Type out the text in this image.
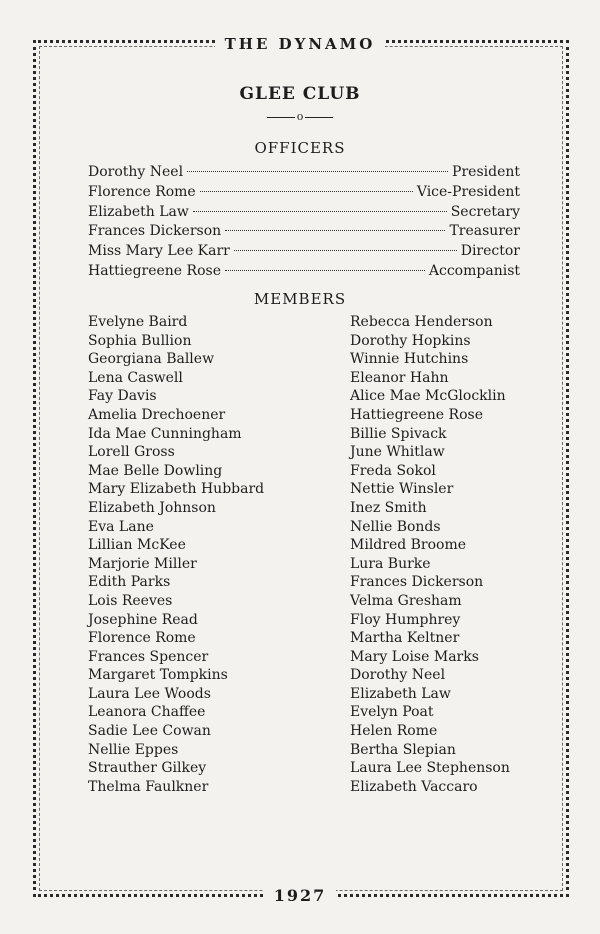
THE DYNAMO
GLEE CLUB
o
OFFICERS
Dorothy Neel	President
Florence Rome	Vice-President
Elizabeth Law	Secretary
Frances Dickerson	Treasurer
Miss Mary Lee Karr	Director
Hattiegreene Rose	Accompanist
MEMBERS
Evelyne Baird
Sophia Bullion
Georgiana Ballew
Lena Caswell
Fay Davis
Amelia Drechoener
Ida Mae Cunningham
Lorell Gross
Mae Belle Dowling
Mary Elizabeth Hubbard
Elizabeth Johnson
Eva Lane
Lillian McKee
Marjorie Miller
Edith Parks
Lois Reeves
Josephine Read
Florence Rome
Frances Spencer
Margaret Tompkins
Laura Lee Woods
Leanora Chaffee
Sadie Lee Cowan
Nellie Eppes
Strauther Gilkey
Thelma Faulkner
Rebecca Henderson
Dorothy Hopkins
Winnie Hutchins
Eleanor Hahn
Alice Mae McGlocklin
Hattiegreene Rose
Billie Spivack
June Whitlaw
Freda Sokol
Nettie Winsler
Inez Smith
Nellie Bonds
Mildred Broome
Lura Burke
Frances Dickerson
Velma Gresham
Floy Humphrey
Martha Keltner
Mary Loise Marks
Dorothy Neel
Elizabeth Law
Evelyn Poat
Helen Rome
Bertha Slepian
Laura Lee Stephenson
Elizabeth Vaccaro
1927
